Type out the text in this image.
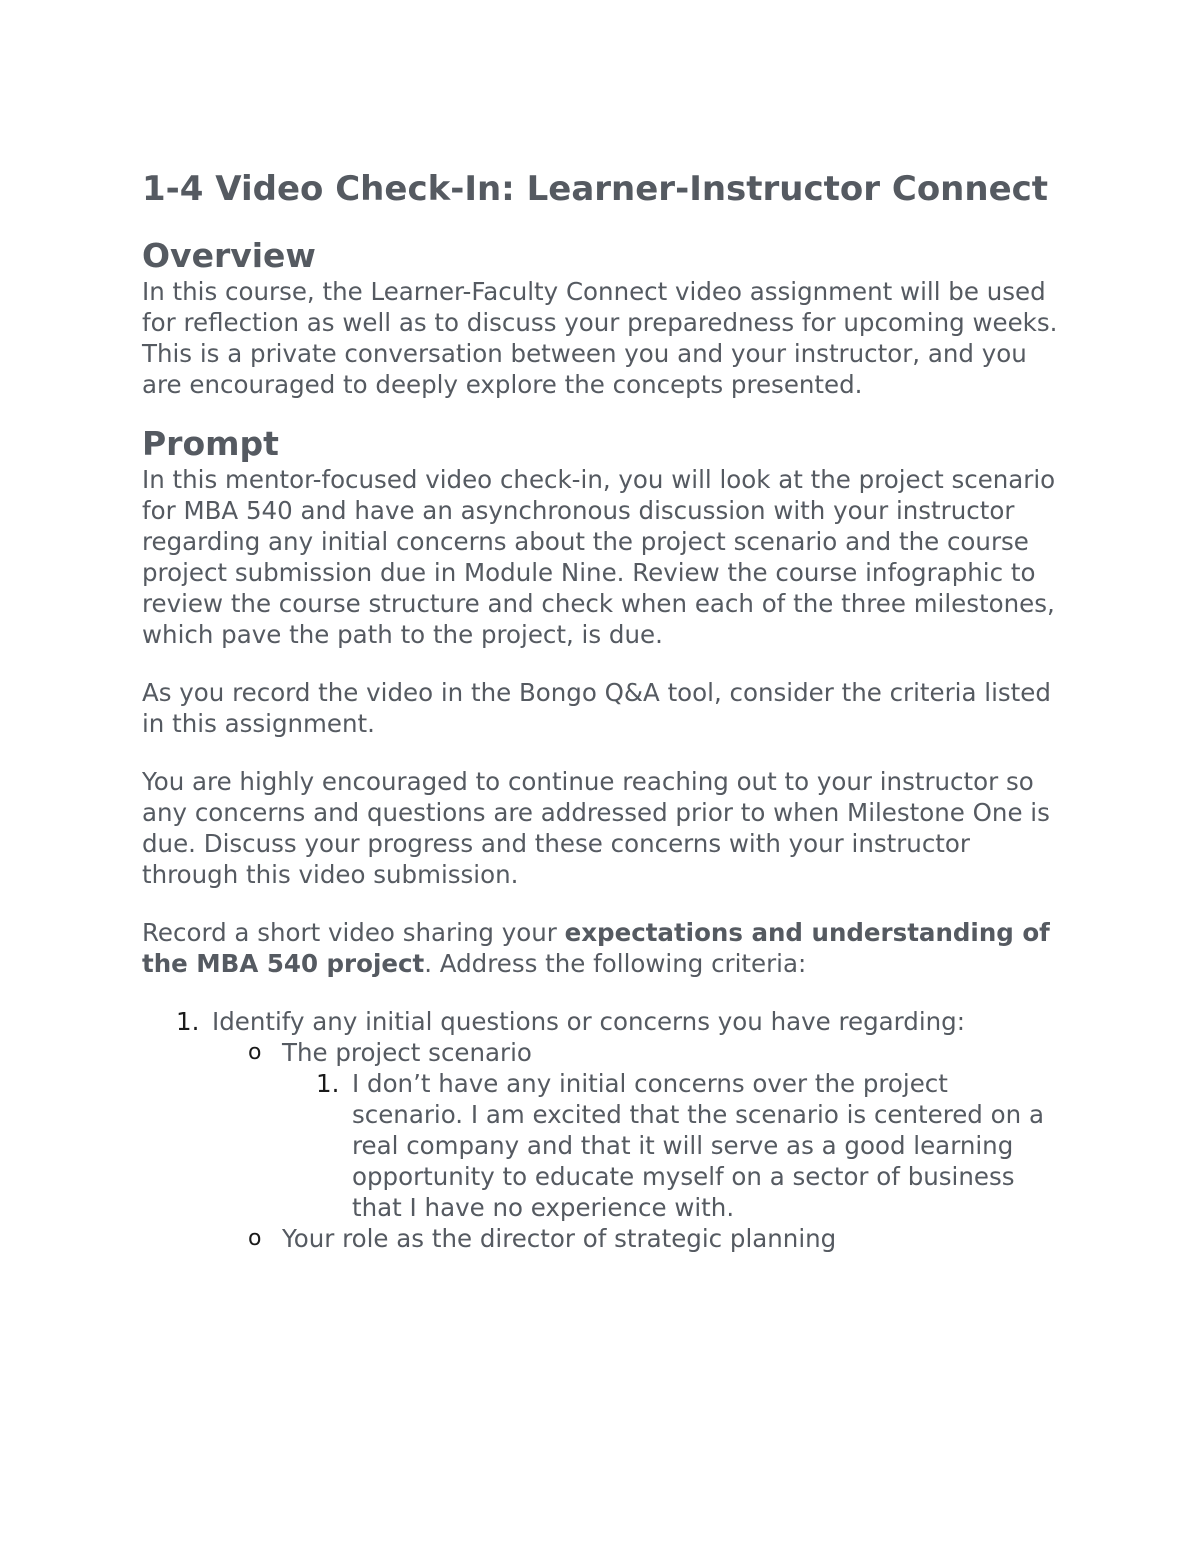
1-4 Video Check-In: Learner-Instructor Connect
Overview

In this course, the Learner-Faculty Connect video assignment will be used for reflection as well as to discuss your preparedness for upcoming weeks. This is a private conversation between you and your instructor, and you are encouraged to deeply explore the concepts presented.

Prompt

In this mentor-focused video check-in, you will look at the project scenario for MBA 540 and have an asynchronous discussion with your instructor regarding any initial concerns about the project scenario and the course project submission due in Module Nine. Review the course infographic to review the course structure and check when each of the three milestones, which pave the path to the project, is due.

As you record the video in the Bongo Q&A tool, consider the criteria listed in this assignment.

You are highly encouraged to continue reaching out to your instructor so any concerns and questions are addressed prior to when Milestone One is due. Discuss your progress and these concerns with your instructor through this video submission.

Record a short video sharing your expectations and understanding of the MBA 540 project. Address the following criteria:

1. Identify any initial questions or concerns you have regarding:
o The project scenario
1. I don’t have any initial concerns over the project scenario. I am excited that the scenario is centered on a real company and that it will serve as a good learning opportunity to educate myself on a sector of business that I have no experience with.
o Your role as the director of strategic planning
